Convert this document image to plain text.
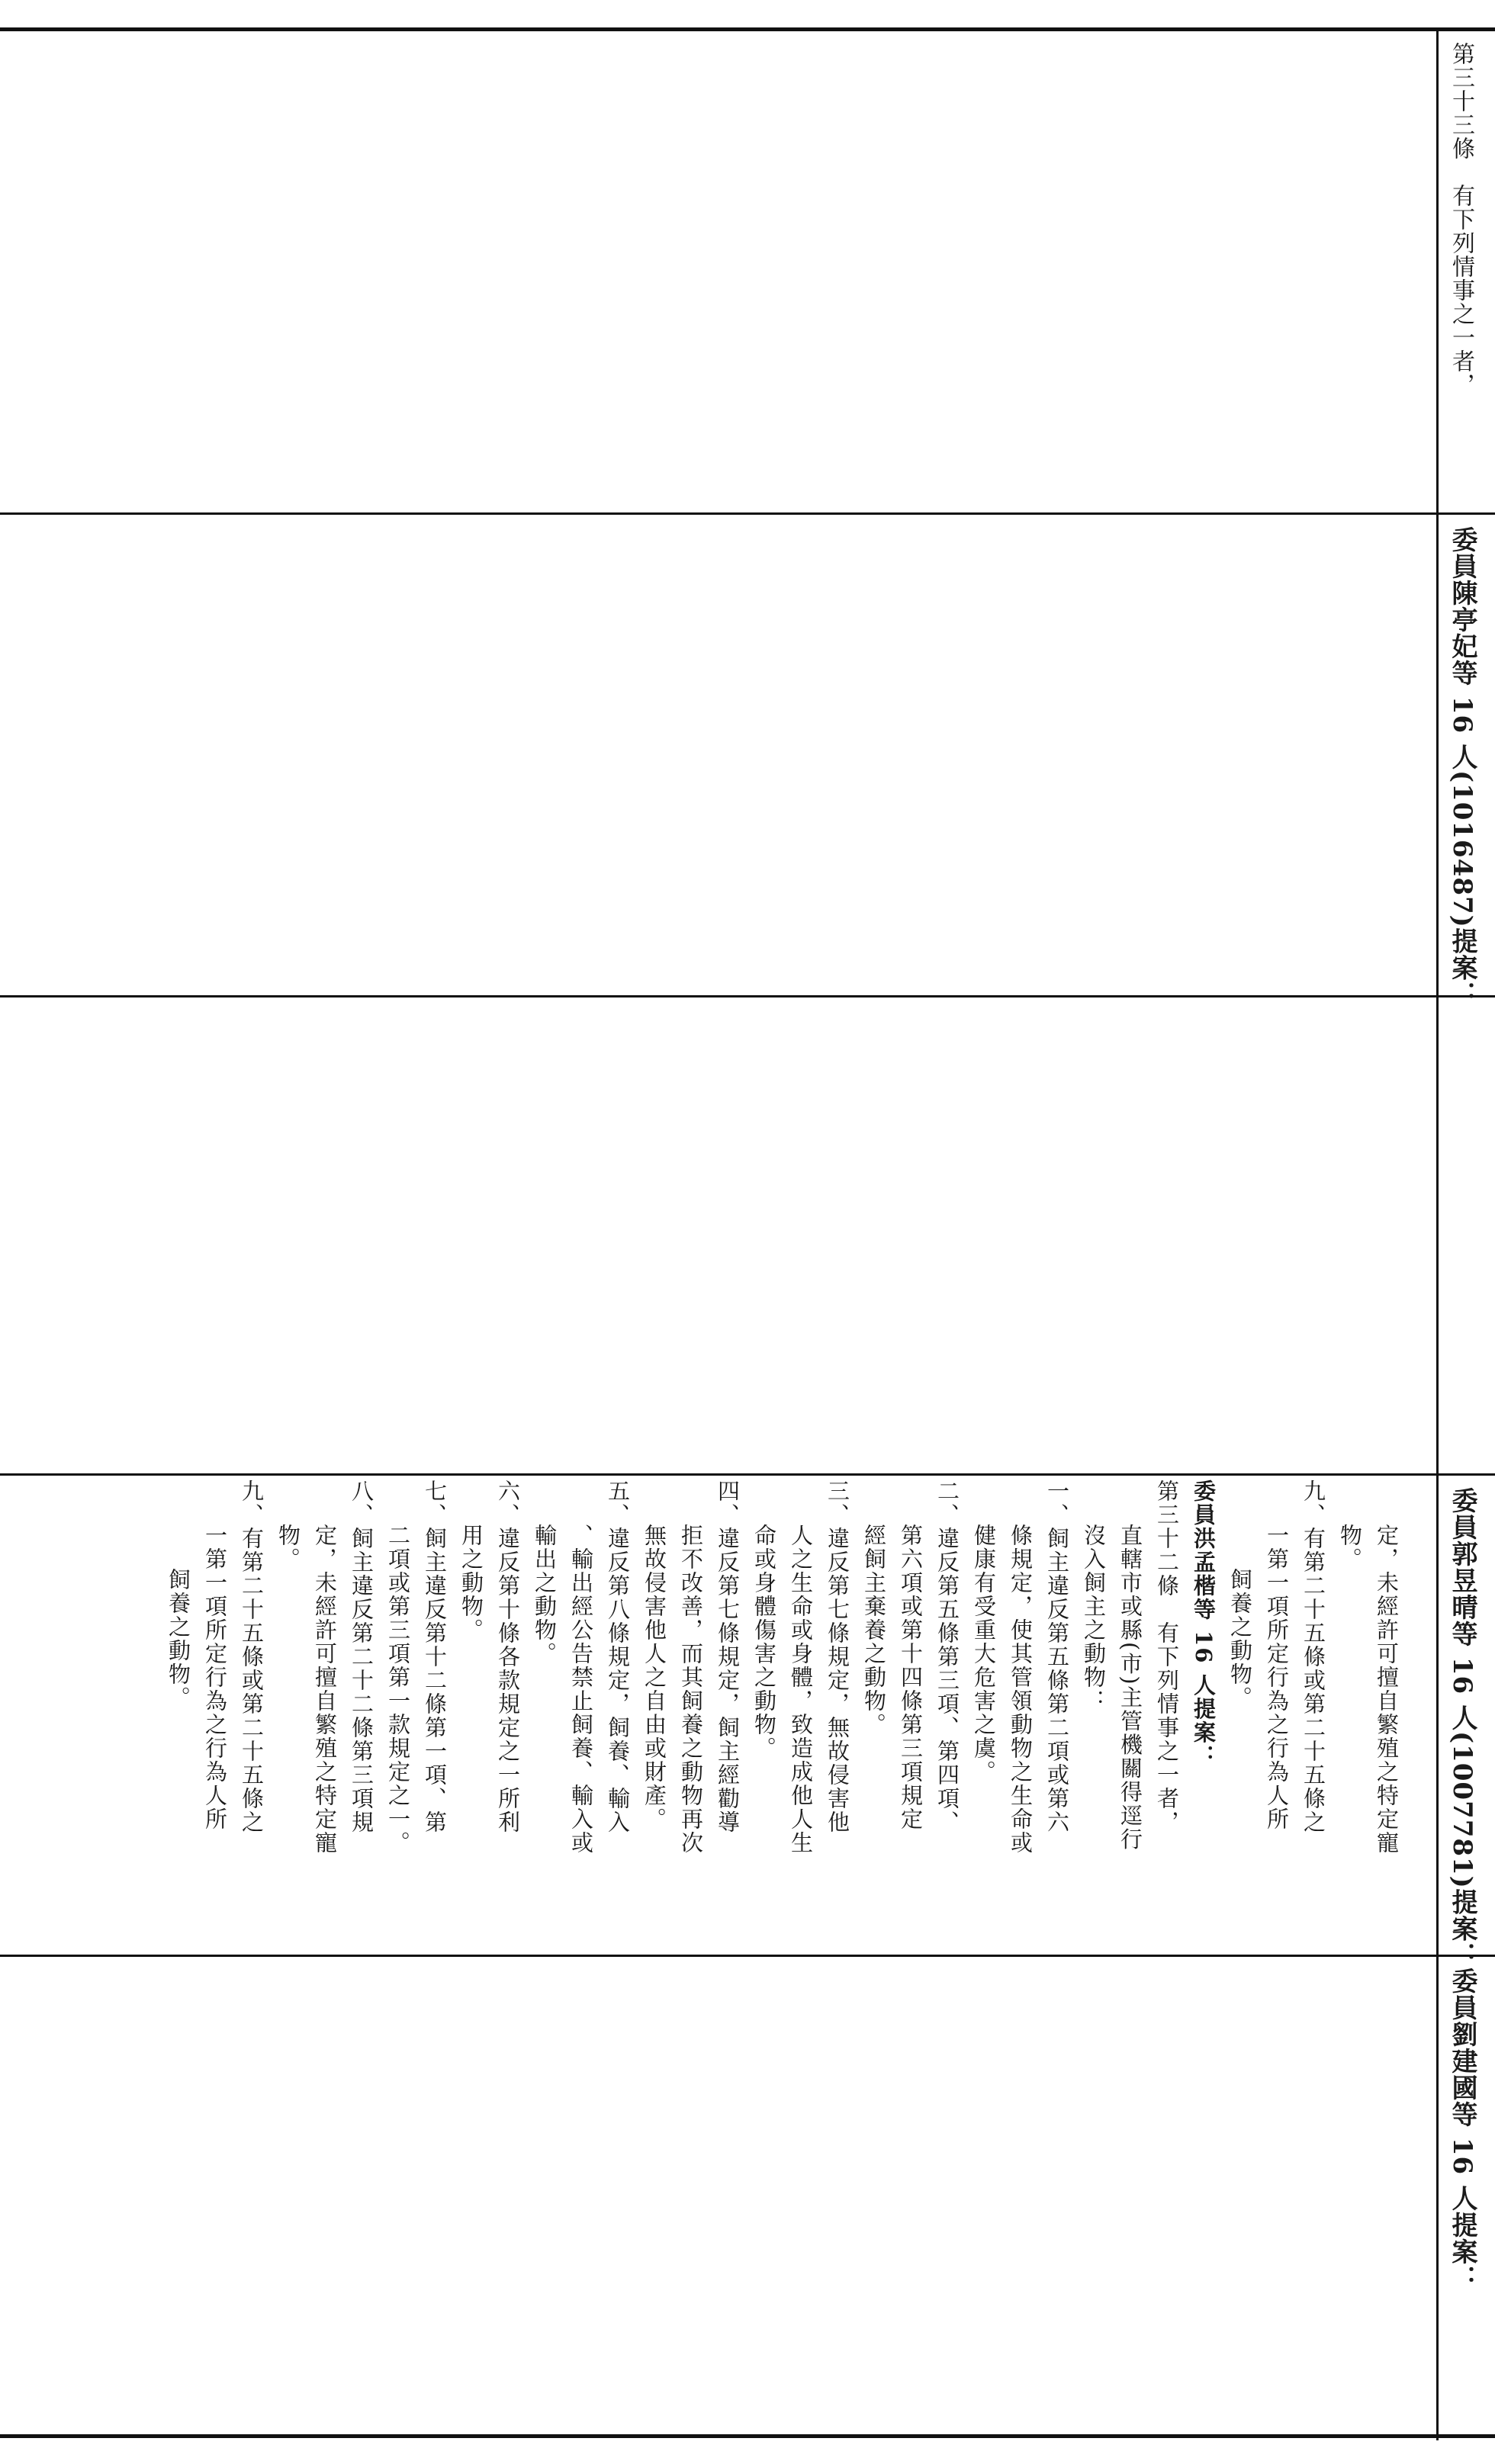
第三十三條　有下列情事之一者，
委員陳亭妃等 16 人(1016487)提案：
委員郭昱晴等 16 人(1007781)提案：
委員劉建國等 16 人提案：
定，未經許可擅自繁殖之特定寵
物。
九、有第二十五條或第二十五條之
一第一項所定行為之行為人所
飼養之動物。
委員洪孟楷等 16 人提案：
第三十二條　有下列情事之一者，
直轄市或縣(市)主管機關得逕行
沒入飼主之動物：
一、飼主違反第五條第二項或第六
條規定，使其管領動物之生命或
健康有受重大危害之虞。
二、違反第五條第三項、第四項、
第六項或第十四條第三項規定
經飼主棄養之動物。
三、違反第七條規定，無故侵害他
人之生命或身體，致造成他人生
命或身體傷害之動物。
四、違反第七條規定，飼主經勸導
拒不改善，而其飼養之動物再次
無故侵害他人之自由或財產。
五、違反第八條規定，飼養、輸入
、輸出經公告禁止飼養、輸入或
輸出之動物。
六、違反第十條各款規定之一所利
用之動物。
七、飼主違反第十二條第一項、第
二項或第三項第一款規定之一。
八、飼主違反第二十二條第三項規
定，未經許可擅自繁殖之特定寵
物。
九、有第二十五條或第二十五條之
一第一項所定行為之行為人所
飼養之動物。
